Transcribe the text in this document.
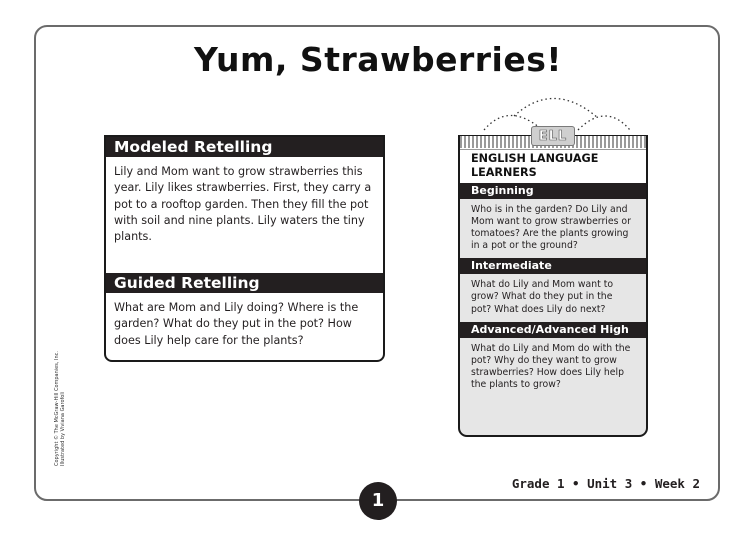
Yum, Strawberries!
Modeled Retelling
Lily and Mom want to grow strawberries this year. Lily likes strawberries. First, they carry a pot to a rooftop garden. Then they fill the pot with soil and nine plants. Lily waters the tiny plants.
Guided Retelling
What are Mom and Lily doing? Where is the garden? What do they put in the pot? How does Lily help care for the plants?
ENGLISH LANGUAGE LEARNERS
Beginning
Who is in the garden? Do Lily and Mom want to grow strawberries or tomatoes? Are the plants growing in a pot or the ground?
Intermediate
What do Lily and Mom want to grow? What do they put in the pot? What does Lily do next?
Advanced/Advanced High
What do Lily and Mom do with the pot? Why do they want to grow strawberries? How does Lily help the plants to grow?
ELL
Copyright © The McGraw-Hill Companies, Inc. Illustrated by Viviana Garofoli
Grade 1 • Unit 3 • Week 2
1
